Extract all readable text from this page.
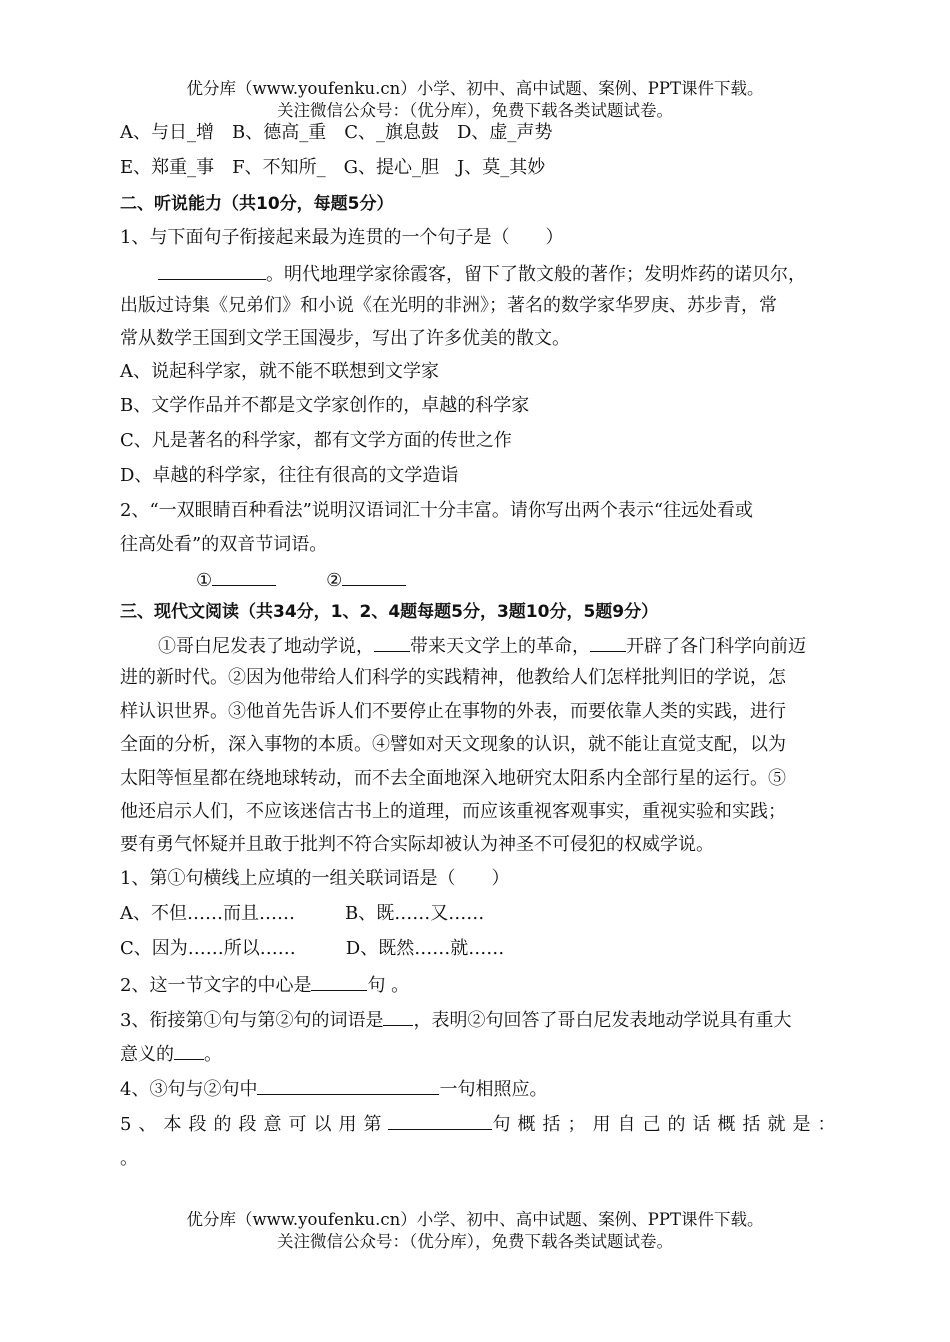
优分库（www.youfenku.cn）小学、初中、高中试题、案例、PPT课件下载。
关注微信公众号：（优分库），免费下载各类试题试卷。
A、与日_增　B、德高_重　C、_旗息鼓　D、虚_声势
E、郑重_事　F、不知所_　G、提心_胆　J、莫_其妙
二、听说能力（共10分，每题5分）
1、与下面句子衔接起来最为连贯的一个句子是（　　）
。明代地理学家徐霞客，留下了散文般的著作；发明炸药的诺贝尔，
出版过诗集《兄弟们》和小说《在光明的非洲》；著名的数学家华罗庚、苏步青，常
常从数学王国到文学王国漫步，写出了许多优美的散文。
A、说起科学家，就不能不联想到文学家
B、文学作品并不都是文学家创作的，卓越的科学家
C、凡是著名的科学家，都有文学方面的传世之作
D、卓越的科学家，往往有很高的文学造诣
2、“一双眼睛百种看法”说明汉语词汇十分丰富。请你写出两个表示“往远处看或
往高处看”的双音节词语。
①	②
三、现代文阅读（共34分，1、2、4题每题5分，3题10分，5题9分）
①哥白尼发表了地动学说， 带来天文学上的革命， 开辟了各门科学向前迈
进的新时代。②因为他带给人们科学的实践精神，他教给人们怎样批判旧的学说，怎
样认识世界。③他首先告诉人们不要停止在事物的外表，而要依靠人类的实践，进行
全面的分析，深入事物的本质。④譬如对天文现象的认识，就不能让直觉支配，以为
太阳等恒星都在绕地球转动，而不去全面地深入地研究太阳系内全部行星的运行。⑤
他还启示人们，不应该迷信古书上的道理，而应该重视客观事实，重视实验和实践；
要有勇气怀疑并且敢于批判不符合实际却被认为神圣不可侵犯的权威学说。
1、第①句横线上应填的一组关联词语是（　　）
A、不但……而且……	B、既……又……
C、因为……所以……	D、既然……就……
2、这一节文字的中心是	句 。
3、衔接第①句与第②句的词语是 ，表明②句回答了哥白尼发表地动学说具有重大
意义的 。
4、③句与②句中	一句相照应。
5、本段的段意可以用第	句概括；用自己的话概括就是：
。
优分库（www.youfenku.cn）小学、初中、高中试题、案例、PPT课件下载。
关注微信公众号：（优分库），免费下载各类试题试卷。
